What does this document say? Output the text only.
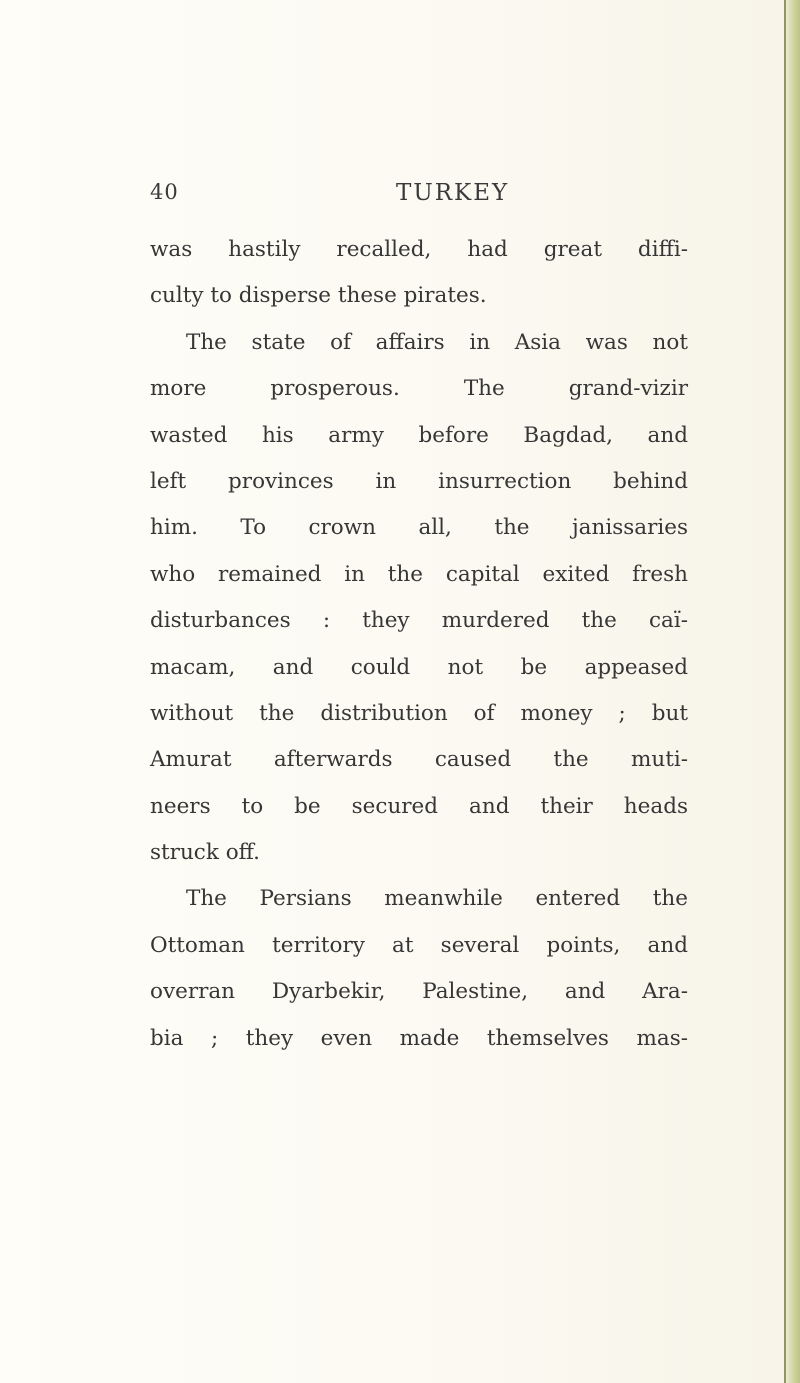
40	TURKEY
was hastily recalled, had great diffi-
culty to disperse these pirates.
The state of affairs in Asia was not
more prosperous. The grand-vizir
wasted his army before Bagdad, and
left provinces in insurrection behind
him. To crown all, the janissaries
who remained in the capital exited fresh
disturbances : they murdered the caï-
macam, and could not be appeased
without the distribution of money ; but
Amurat afterwards caused the muti-
neers to be secured and their heads
struck off.
The Persians meanwhile entered the
Ottoman territory at several points, and
overran Dyarbekir, Palestine, and Ara-
bia ; they even made themselves mas-
